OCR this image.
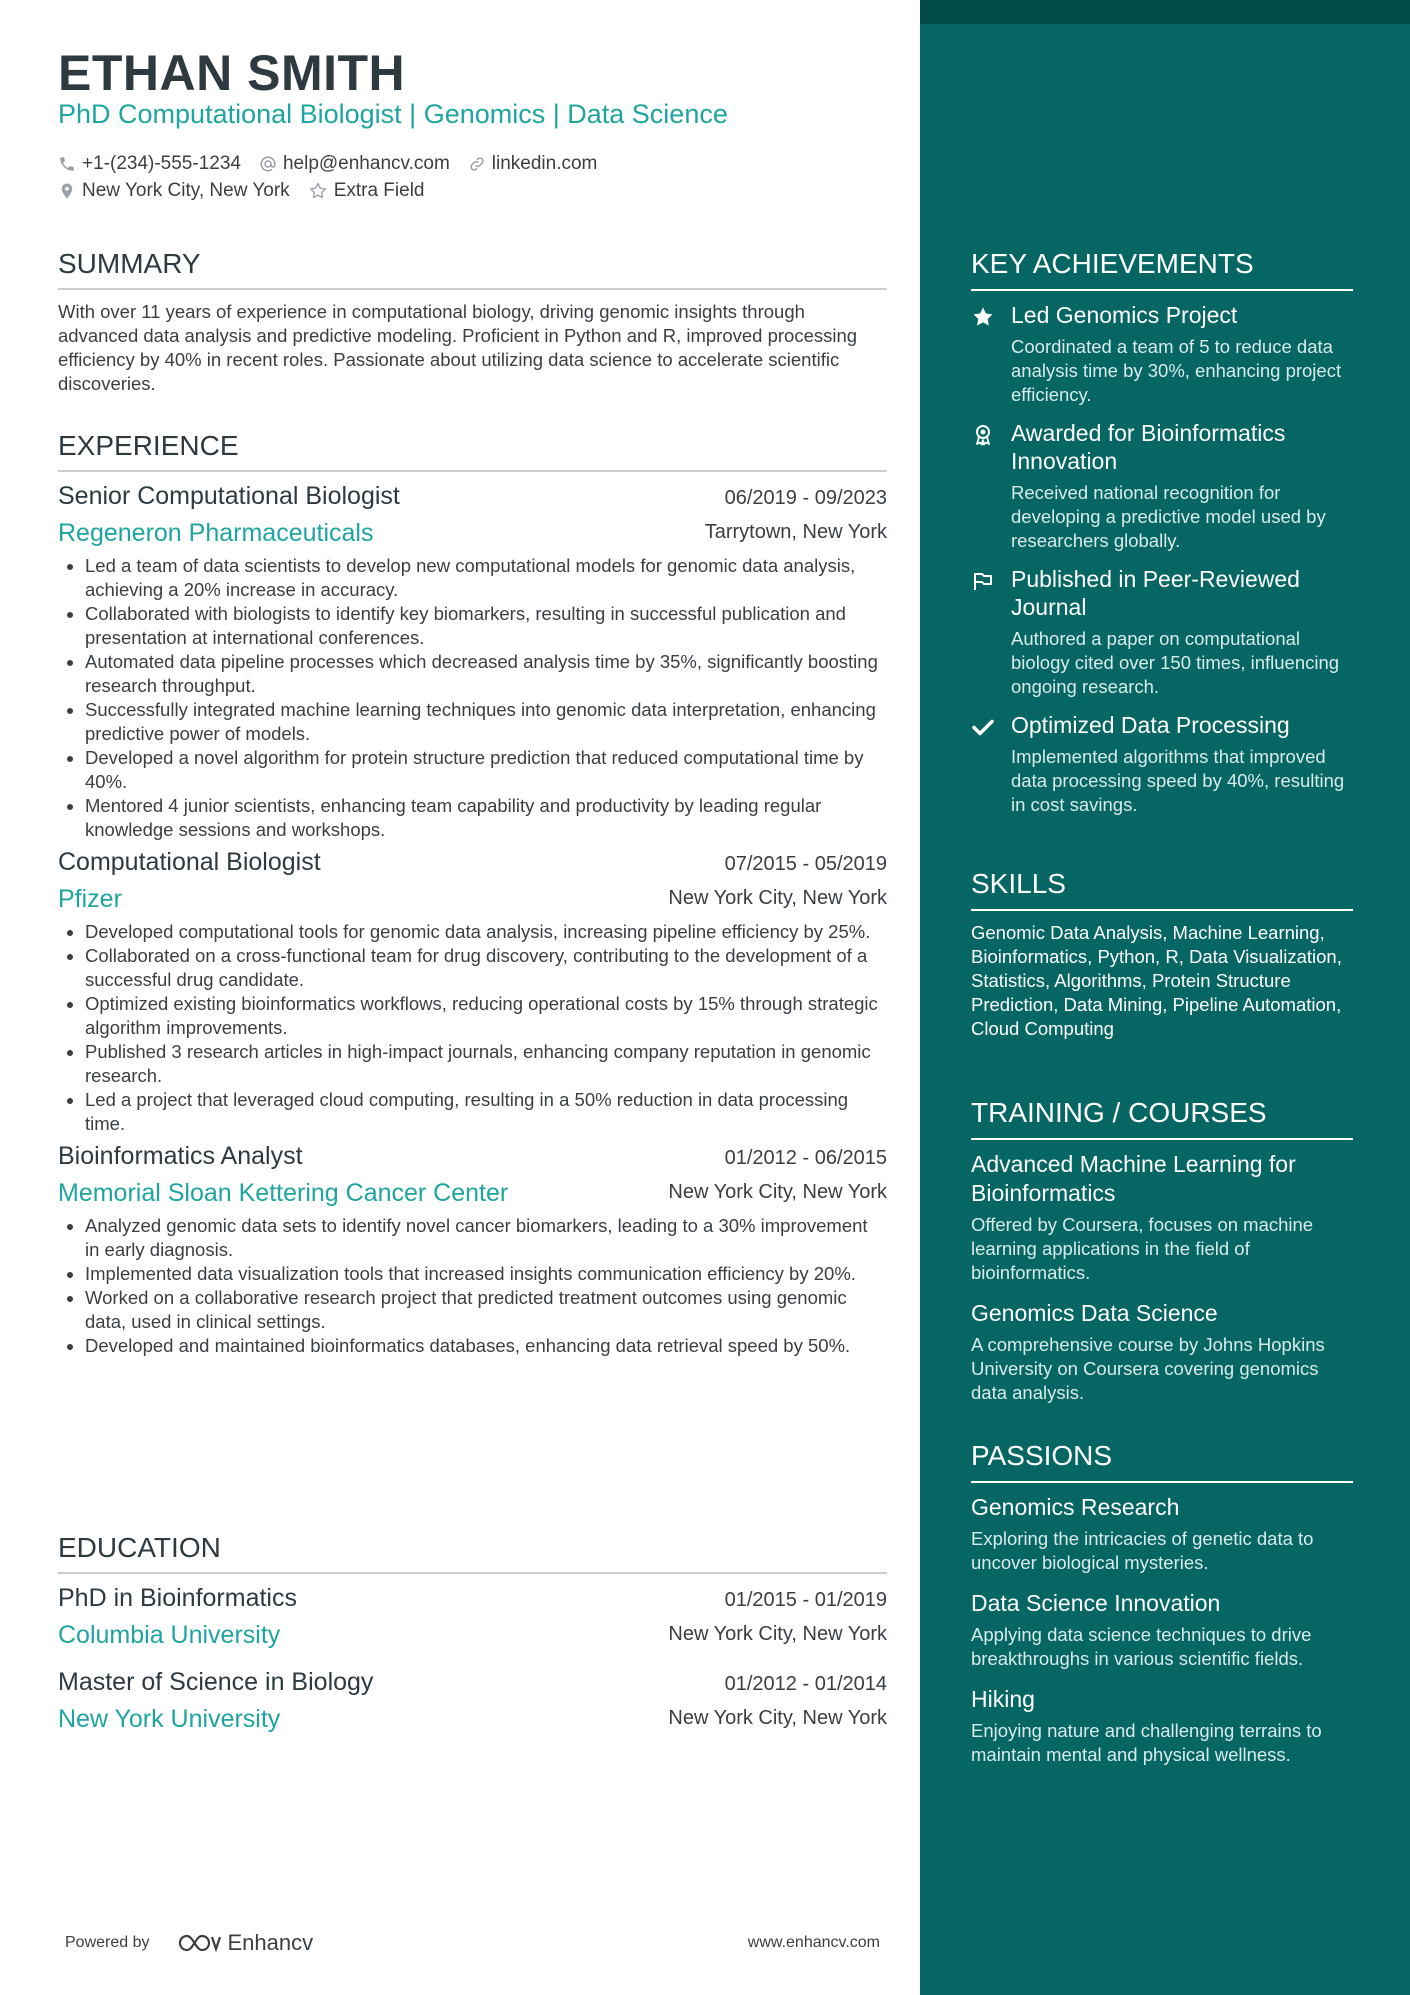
ETHAN SMITH
PhD Computational Biologist | Genomics | Data Science
+1-(234)-555-1234 help@enhancv.com linkedin.com
New York City, New York Extra Field
SUMMARY
With over 11 years of experience in computational biology, driving genomic insights through advanced data analysis and predictive modeling. Proficient in Python and R, improved processing efficiency by 40% in recent roles. Passionate about utilizing data science to accelerate scientific discoveries.
EXPERIENCE
Senior Computational Biologist	06/2019 - 09/2023
Regeneron Pharmaceuticals	Tarrytown, New York
• Led a team of data scientists to develop new computational models for genomic data analysis, achieving a 20% increase in accuracy.
• Collaborated with biologists to identify key biomarkers, resulting in successful publication and presentation at international conferences.
• Automated data pipeline processes which decreased analysis time by 35%, significantly boosting research throughput.
• Successfully integrated machine learning techniques into genomic data interpretation, enhancing predictive power of models.
• Developed a novel algorithm for protein structure prediction that reduced computational time by 40%.
• Mentored 4 junior scientists, enhancing team capability and productivity by leading regular knowledge sessions and workshops.
Computational Biologist	07/2015 - 05/2019
Pfizer	New York City, New York
• Developed computational tools for genomic data analysis, increasing pipeline efficiency by 25%.
• Collaborated on a cross-functional team for drug discovery, contributing to the development of a successful drug candidate.
• Optimized existing bioinformatics workflows, reducing operational costs by 15% through strategic algorithm improvements.
• Published 3 research articles in high-impact journals, enhancing company reputation in genomic research.
• Led a project that leveraged cloud computing, resulting in a 50% reduction in data processing time.
Bioinformatics Analyst	01/2012 - 06/2015
Memorial Sloan Kettering Cancer Center	New York City, New York
• Analyzed genomic data sets to identify novel cancer biomarkers, leading to a 30% improvement in early diagnosis.
• Implemented data visualization tools that increased insights communication efficiency by 20%.
• Worked on a collaborative research project that predicted treatment outcomes using genomic data, used in clinical settings.
• Developed and maintained bioinformatics databases, enhancing data retrieval speed by 50%.
EDUCATION
PhD in Bioinformatics	01/2015 - 01/2019
Columbia University	New York City, New York
Master of Science in Biology	01/2012 - 01/2014
New York University	New York City, New York
Powered by	Enhancv	www.enhancv.com
KEY ACHIEVEMENTS
Led Genomics Project
Coordinated a team of 5 to reduce data analysis time by 30%, enhancing project efficiency.
Awarded for Bioinformatics Innovation
Received national recognition for developing a predictive model used by researchers globally.
Published in Peer-Reviewed Journal
Authored a paper on computational biology cited over 150 times, influencing ongoing research.
Optimized Data Processing
Implemented algorithms that improved data processing speed by 40%, resulting in cost savings.
SKILLS
Genomic Data Analysis, Machine Learning, Bioinformatics, Python, R, Data Visualization, Statistics, Algorithms, Protein Structure Prediction, Data Mining, Pipeline Automation, Cloud Computing
TRAINING / COURSES
Advanced Machine Learning for Bioinformatics
Offered by Coursera, focuses on machine learning applications in the field of bioinformatics.
Genomics Data Science
A comprehensive course by Johns Hopkins University on Coursera covering genomics data analysis.
PASSIONS
Genomics Research
Exploring the intricacies of genetic data to uncover biological mysteries.
Data Science Innovation
Applying data science techniques to drive breakthroughs in various scientific fields.
Hiking
Enjoying nature and challenging terrains to maintain mental and physical wellness.
